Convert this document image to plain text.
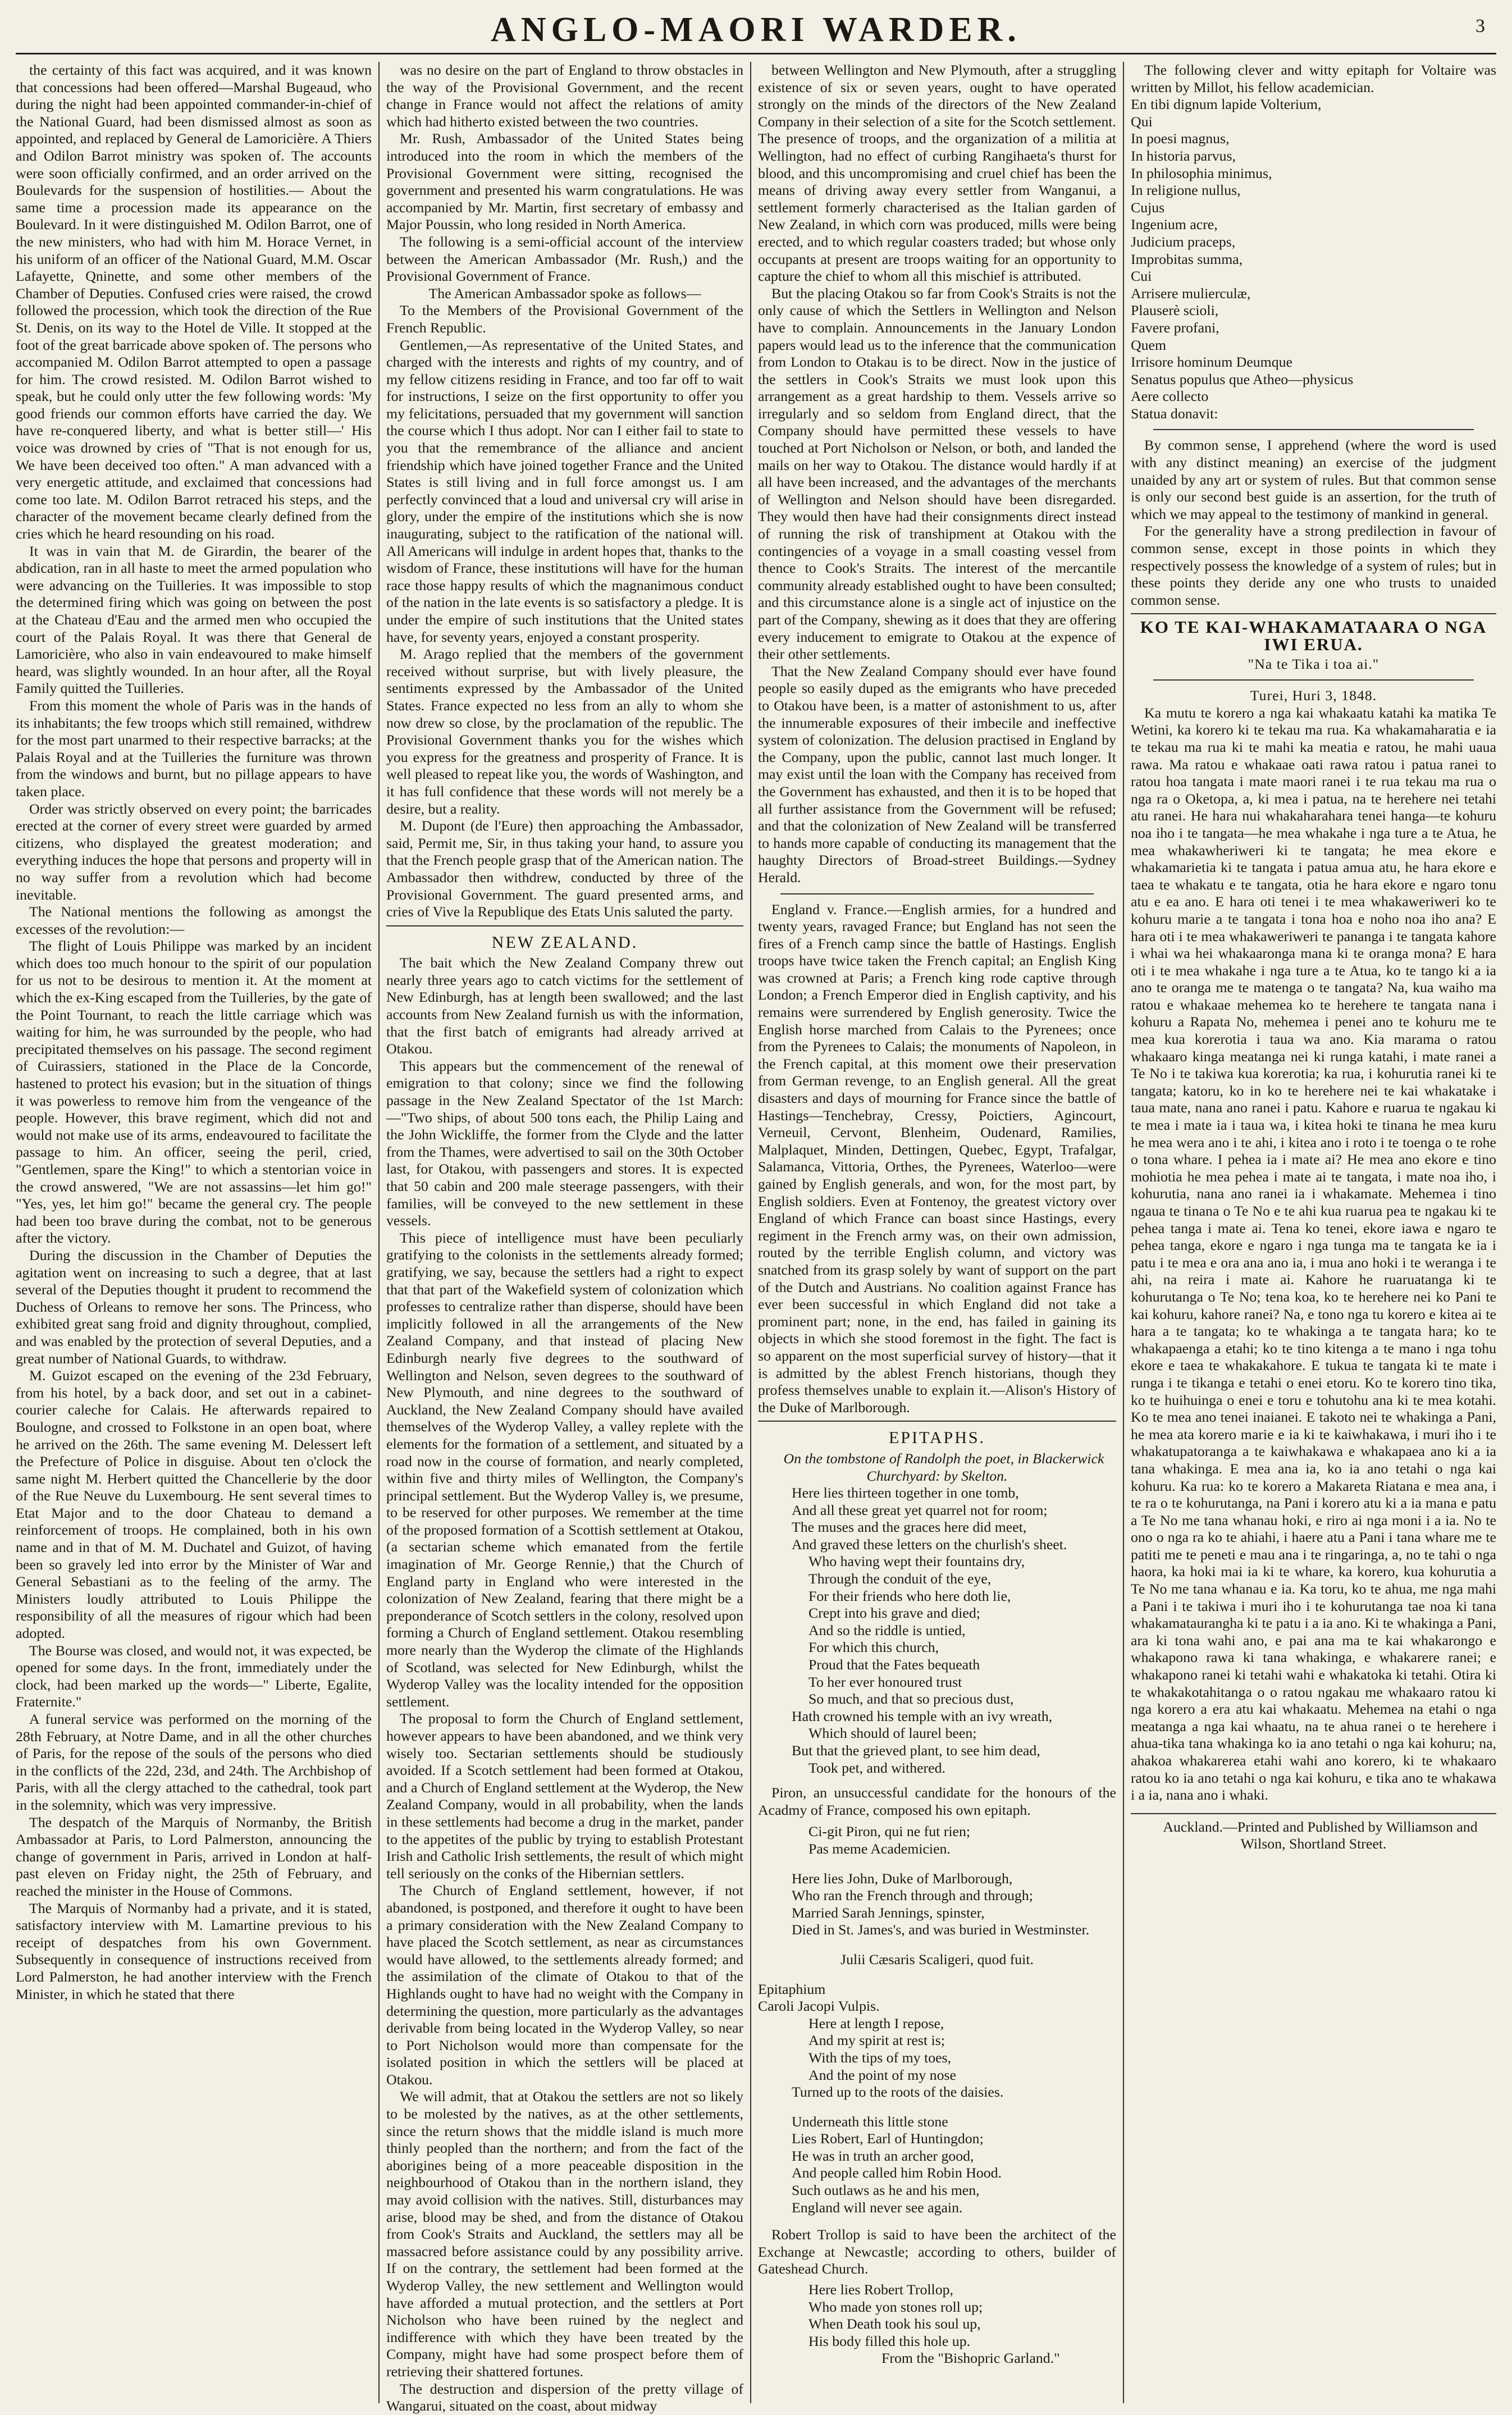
ANGLO-MAORI WARDER.	3

the certainty of this fact was acquired, and it was known that concessions had been offered—Marshal Bugeaud, who during the night had been appointed commander-in-chief of the National Guard, had been dismissed almost as soon as appointed, and replaced by General de Lamoricière. A Thiers and Odilon Barrot ministry was spoken of. The accounts were soon officially confirmed, and an order arrived on the Boulevards for the suspension of hostilities.— About the same time a procession made its appearance on the Boulevard. In it were distinguished M. Odilon Barrot, one of the new ministers, who had with him M. Horace Vernet, in his uniform of an officer of the National Guard, M.M. Oscar Lafayette, Qninette, and some other members of the Chamber of Deputies. Confused cries were raised, the crowd followed the procession, which took the direction of the Rue St. Denis, on its way to the Hotel de Ville. It stopped at the foot of the great barricade above spoken of. The persons who accompanied M. Odilon Barrot attempted to open a passage for him. The crowd resisted. M. Odilon Barrot wished to speak, but he could only utter the few following words: 'My good friends our common efforts have carried the day. We have re-conquered liberty, and what is better still—' His voice was drowned by cries of "That is not enough for us, We have been deceived too often." A man advanced with a very energetic attitude, and exclaimed that concessions had come too late. M. Odilon Barrot retraced his steps, and the character of the movement became clearly defined from the cries which he heard resounding on his road.

It was in vain that M. de Girardin, the bearer of the abdication, ran in all haste to meet the armed population who were advancing on the Tuilleries. It was impossible to stop the determined firing which was going on between the post at the Chateau d'Eau and the armed men who occupied the court of the Palais Royal. It was there that General de Lamoricière, who also in vain endeavoured to make himself heard, was slightly wounded. In an hour after, all the Royal Family quitted the Tuilleries.

From this moment the whole of Paris was in the hands of its inhabitants; the few troops which still remained, withdrew for the most part unarmed to their respective barracks; at the Palais Royal and at the Tuilleries the furniture was thrown from the windows and burnt, but no pillage appears to have taken place.

Order was strictly observed on every point; the barricades erected at the corner of every street were guarded by armed citizens, who displayed the greatest moderation; and everything induces the hope that persons and property will in no way suffer from a revolution which had become inevitable.

The National mentions the following as amongst the excesses of the revolution:—

The flight of Louis Philippe was marked by an incident which does too much honour to the spirit of our population for us not to be desirous to mention it. At the moment at which the ex-King escaped from the Tuilleries, by the gate of the Point Tournant, to reach the little carriage which was waiting for him, he was surrounded by the people, who had precipitated themselves on his passage. The second regiment of Cuirassiers, stationed in the Place de la Concorde, hastened to protect his evasion; but in the situation of things it was powerless to remove him from the vengeance of the people. However, this brave regiment, which did not and would not make use of its arms, endeavoured to facilitate the passage to him. An officer, seeing the peril, cried, "Gentlemen, spare the King!" to which a stentorian voice in the crowd answered, "We are not assassins—let him go!" "Yes, yes, let him go!" became the general cry. The people had been too brave during the combat, not to be generous after the victory.

During the discussion in the Chamber of Deputies the agitation went on increasing to such a degree, that at last several of the Deputies thought it prudent to recommend the Duchess of Orleans to remove her sons. The Princess, who exhibited great sang froid and dignity throughout, complied, and was enabled by the protection of several Deputies, and a great number of National Guards, to withdraw.

M. Guizot escaped on the evening of the 23d February, from his hotel, by a back door, and set out in a cabinet-courier caleche for Calais. He afterwards repaired to Boulogne, and crossed to Folkstone in an open boat, where he arrived on the 26th. The same evening M. Delessert left the Prefecture of Police in disguise. About ten o'clock the same night M. Herbert quitted the Chancellerie by the door of the Rue Neuve du Luxembourg. He sent several times to Etat Major and to the door Chateau to demand a reinforcement of troops. He complained, both in his own name and in that of M. M. Duchatel and Guizot, of having been so gravely led into error by the Minister of War and General Sebastiani as to the feeling of the army. The Ministers loudly attributed to Louis Philippe the responsibility of all the measures of rigour which had been adopted.

The Bourse was closed, and would not, it was expected, be opened for some days. In the front, immediately under the clock, had been marked up the words—" Liberte, Egalite, Fraternite."

A funeral service was performed on the morning of the 28th February, at Notre Dame, and in all the other churches of Paris, for the repose of the souls of the persons who died in the conflicts of the 22d, 23d, and 24th. The Archbishop of Paris, with all the clergy attached to the cathedral, took part in the solemnity, which was very impressive.

The despatch of the Marquis of Normanby, the British Ambassador at Paris, to Lord Palmerston, announcing the change of government in Paris, arrived in London at half-past eleven on Friday night, the 25th of February, and reached the minister in the House of Commons.

The Marquis of Normanby had a private, and it is stated, satisfactory interview with M. Lamartine previous to his receipt of despatches from his own Government. Subsequently in consequence of instructions received from Lord Palmerston, he had another interview with the French Minister, in which he stated that there

was no desire on the part of England to throw obstacles in the way of the Provisional Government, and the recent change in France would not affect the relations of amity which had hitherto existed between the two countries.

Mr. Rush, Ambassador of the United States being introduced into the room in which the members of the Provisional Government were sitting, recognised the government and presented his warm congratulations. He was accompanied by Mr. Martin, first secretary of embassy and Major Poussin, who long resided in North America.

The following is a semi-official account of the interview between the American Ambassador (Mr. Rush,) and the Provisional Government of France.

The American Ambassador spoke as follows—

To the Members of the Provisional Government of the French Republic.

Gentlemen,—As representative of the United States, and charged with the interests and rights of my country, and of my fellow citizens residing in France, and too far off to wait for instructions, I seize on the first opportunity to offer you my felicitations, persuaded that my government will sanction the course which I thus adopt. Nor can I either fail to state to you that the remembrance of the alliance and ancient friendship which have joined together France and the United States is still living and in full force amongst us. I am perfectly convinced that a loud and universal cry will arise in glory, under the empire of the institutions which she is now inaugurating, subject to the ratification of the national will. All Americans will indulge in ardent hopes that, thanks to the wisdom of France, these institutions will have for the human race those happy results of which the magnanimous conduct of the nation in the late events is so satisfactory a pledge. It is under the empire of such institutions that the United states have, for seventy years, enjoyed a constant prosperity.

M. Arago replied that the members of the government received without surprise, but with lively pleasure, the sentiments expressed by the Ambassador of the United States. France expected no less from an ally to whom she now drew so close, by the proclamation of the republic. The Provisional Government thanks you for the wishes which you express for the greatness and prosperity of France. It is well pleased to repeat like you, the words of Washington, and it has full confidence that these words will not merely be a desire, but a reality.

M. Dupont (de l'Eure) then approaching the Ambassador, said, Permit me, Sir, in thus taking your hand, to assure you that the French people grasp that of the American nation. The Ambassador then withdrew, conducted by three of the Provisional Government. The guard presented arms, and cries of Vive la Republique des Etats Unis saluted the party.

NEW ZEALAND.

The bait which the New Zealand Company threw out nearly three years ago to catch victims for the settlement of New Edinburgh, has at length been swallowed; and the last accounts from New Zealand furnish us with the information, that the first batch of emigrants had already arrived at Otakou.

This appears but the commencement of the renewal of emigration to that colony; since we find the following passage in the New Zealand Spectator of the 1st March:—"Two ships, of about 500 tons each, the Philip Laing and the John Wickliffe, the former from the Clyde and the latter from the Thames, were advertised to sail on the 30th October last, for Otakou, with passengers and stores. It is expected that 50 cabin and 200 male steerage passengers, with their families, will be conveyed to the new settlement in these vessels.

This piece of intelligence must have been peculiarly gratifying to the colonists in the settlements already formed; gratifying, we say, because the settlers had a right to expect that that part of the Wakefield system of colonization which professes to centralize rather than disperse, should have been implicitly followed in all the arrangements of the New Zealand Company, and that instead of placing New Edinburgh nearly five degrees to the southward of Wellington and Nelson, seven degrees to the southward of New Plymouth, and nine degrees to the southward of Auckland, the New Zealand Company should have availed themselves of the Wyderop Valley, a valley replete with the elements for the formation of a settlement, and situated by a road now in the course of formation, and nearly completed, within five and thirty miles of Wellington, the Company's principal settlement. But the Wyderop Valley is, we presume, to be reserved for other purposes. We remember at the time of the proposed formation of a Scottish settlement at Otakou, (a sectarian scheme which emanated from the fertile imagination of Mr. George Rennie,) that the Church of England party in England who were interested in the colonization of New Zealand, fearing that there might be a preponderance of Scotch settlers in the colony, resolved upon forming a Church of England settlement. Otakou resembling more nearly than the Wyderop the climate of the Highlands of Scotland, was selected for New Edinburgh, whilst the Wyderop Valley was the locality intended for the opposition settlement.

The proposal to form the Church of England settlement, however appears to have been abandoned, and we think very wisely too. Sectarian settlements should be studiously avoided. If a Scotch settlement had been formed at Otakou, and a Church of England settlement at the Wyderop, the New Zealand Company, would in all probability, when the lands in these settlements had become a drug in the market, pander to the appetites of the public by trying to establish Protestant Irish and Catholic Irish settlements, the result of which might tell seriously on the conks of the Hibernian settlers.

The Church of England settlement, however, if not abandoned, is postponed, and therefore it ought to have been a primary consideration with the New Zealand Company to have placed the Scotch settlement, as near as circumstances would have allowed, to the settlements already formed; and the assimilation of the climate of Otakou to that of the Highlands ought to have had no weight with the Company in determining the question, more particularly as the advantages derivable from being located in the Wyderop Valley, so near to Port Nicholson would more than compensate for the isolated position in which the settlers will be placed at Otakou.

We will admit, that at Otakou the settlers are not so likely to be molested by the natives, as at the other settlements, since the return shows that the middle island is much more thinly peopled than the northern; and from the fact of the aborigines being of a more peaceable disposition in the neighbourhood of Otakou than in the northern island, they may avoid collision with the natives. Still, disturbances may arise, blood may be shed, and from the distance of Otakou from Cook's Straits and Auckland, the settlers may all be massacred before assistance could by any possibility arrive. If on the contrary, the settlement had been formed at the Wyderop Valley, the new settlement and Wellington would have afforded a mutual protection, and the settlers at Port Nicholson who have been ruined by the neglect and indifference with which they have been treated by the Company, might have had some prospect before them of retrieving their shattered fortunes.

The destruction and dispersion of the pretty village of Wangarui, situated on the coast, about midway

between Wellington and New Plymouth, after a struggling existence of six or seven years, ought to have operated strongly on the minds of the directors of the New Zealand Company in their selection of a site for the Scotch settlement. The presence of troops, and the organization of a militia at Wellington, had no effect of curbing Rangihaeta's thurst for blood, and this uncompromising and cruel chief has been the means of driving away every settler from Wanganui, a settlement formerly characterised as the Italian garden of New Zealand, in which corn was produced, mills were being erected, and to which regular coasters traded; but whose only occupants at present are troops waiting for an opportunity to capture the chief to whom all this mischief is attributed.

But the placing Otakou so far from Cook's Straits is not the only cause of which the Settlers in Wellington and Nelson have to complain. Announcements in the January London papers would lead us to the inference that the communication from London to Otakau is to be direct. Now in the justice of the settlers in Cook's Straits we must look upon this arrangement as a great hardship to them. Vessels arrive so irregularly and so seldom from England direct, that the Company should have permitted these vessels to have touched at Port Nicholson or Nelson, or both, and landed the mails on her way to Otakou. The distance would hardly if at all have been increased, and the advantages of the merchants of Wellington and Nelson should have been disregarded. They would then have had their consignments direct instead of running the risk of transhipment at Otakou with the contingencies of a voyage in a small coasting vessel from thence to Cook's Straits. The interest of the mercantile community already established ought to have been consulted; and this circumstance alone is a single act of injustice on the part of the Company, shewing as it does that they are offering every inducement to emigrate to Otakou at the expence of their other settlements.

That the New Zealand Company should ever have found people so easily duped as the emigrants who have preceded to Otakou have been, is a matter of astonishment to us, after the innumerable exposures of their imbecile and ineffective system of colonization. The delusion practised in England by the Company, upon the public, cannot last much longer. It may exist until the loan with the Company has received from the Government has exhausted, and then it is to be hoped that all further assistance from the Government will be refused; and that the colonization of New Zealand will be transferred to hands more capable of conducting its management that the haughty Directors of Broad-street Buildings.—Sydney Herald.

England v. France.—English armies, for a hundred and twenty years, ravaged France; but England has not seen the fires of a French camp since the battle of Hastings. English troops have twice taken the French capital; an English King was crowned at Paris; a French king rode captive through London; a French Emperor died in English captivity, and his remains were surrendered by English generosity. Twice the English horse marched from Calais to the Pyrenees; once from the Pyrenees to Calais; the monuments of Napoleon, in the French capital, at this moment owe their preservation from German revenge, to an English general. All the great disasters and days of mourning for France since the battle of Hastings—Tenchebray, Cressy, Poictiers, Agincourt, Verneuil, Cervont, Blenheim, Oudenard, Ramilies, Malplaquet, Minden, Dettingen, Quebec, Egypt, Trafalgar, Salamanca, Vittoria, Orthes, the Pyrenees, Waterloo—were gained by English generals, and won, for the most part, by English soldiers. Even at Fontenoy, the greatest victory over England of which France can boast since Hastings, every regiment in the French army was, on their own admission, routed by the terrible English column, and victory was snatched from its grasp solely by want of support on the part of the Dutch and Austrians. No coalition against France has ever been successful in which England did not take a prominent part; none, in the end, has failed in gaining its objects in which she stood foremost in the fight. The fact is so apparent on the most superficial survey of history—that it is admitted by the ablest French historians, though they profess themselves unable to explain it.—Alison's History of the Duke of Marlborough.

EPITAPHS.

On the tombstone of Randolph the poet, in Blackerwick Churchyard: by Skelton.

Here lies thirteen together in one tomb,

And all these great yet quarrel not for room;

The muses and the graces here did meet,

And graved these letters on the churlish's sheet.

Who having wept their fountains dry,

Through the conduit of the eye,

For their friends who here doth lie,

Crept into his grave and died;

And so the riddle is untied,

For which this church,

Proud that the Fates bequeath

To her ever honoured trust

So much, and that so precious dust,

Hath crowned his temple with an ivy wreath,

Which should of laurel been;

But that the grieved plant, to see him dead,

Took pet, and withered.

Piron, an unsuccessful candidate for the honours of the Acadmy of France, composed his own epitaph.

Ci-git Piron, qui ne fut rien;

Pas meme Academicien.

Here lies John, Duke of Marlborough,

Who ran the French through and through;

Married Sarah Jennings, spinster,

Died in St. James's, and was buried in Westminster.

Julii Cæsaris Scaligeri, quod fuit.

Epitaphium

Caroli Jacopi Vulpis.

Here at length I repose,

And my spirit at rest is;

With the tips of my toes,

And the point of my nose

Turned up to the roots of the daisies.

Underneath this little stone

Lies Robert, Earl of Huntingdon;

He was in truth an archer good,

And people called him Robin Hood.

Such outlaws as he and his men,

England will never see again.

Robert Trollop is said to have been the architect of the Exchange at Newcastle; according to others, builder of Gateshead Church.

Here lies Robert Trollop,

Who made yon stones roll up;

When Death took his soul up,

His body filled this hole up.

From the "Bishopric Garland."

The following clever and witty epitaph for Voltaire was written by Millot, his fellow academician.

En tibi dignum lapide Volterium,

Qui

In poesi magnus,

In historia parvus,

In philosophia minimus,

In religione nullus,

Cujus

Ingenium acre,

Judicium praceps,

Improbitas summa,

Cui

Arrisere mulierculæ,

Plauserè scioli,

Favere profani,

Quem

Irrisore hominum Deumque

Senatus populus que Atheo—physicus

Aere collecto

Statua donavit:

By common sense, I apprehend (where the word is used with any distinct meaning) an exercise of the judgment unaided by any art or system of rules. But that common sense is only our second best guide is an assertion, for the truth of which we may appeal to the testimony of mankind in general.

For the generality have a strong predilection in favour of common sense, except in those points in which they respectively possess the knowledge of a system of rules; but in these points they deride any one who trusts to unaided common sense.

KO TE KAI-WHAKAMATAARA O NGA IWI ERUA.

"Na te Tika i toa ai."

Turei, Huri 3, 1848.

Ka mutu te korero a nga kai whakaatu katahi ka matika Te Wetini, ka korero ki te tekau ma rua. Ka whakamaharatia e ia te tekau ma rua ki te mahi ka meatia e ratou, he mahi uaua rawa. Ma ratou e whakaae oati rawa ratou i patua ranei to ratou hoa tangata i mate maori ranei i te rua tekau ma rua o nga ra o Oketopa, a, ki mea i patua, na te herehere nei tetahi atu ranei. He hara nui whakaharahara tenei hanga—te kohuru noa iho i te tangata—he mea whakahe i nga ture a te Atua, he mea whakawheriweri ki te tangata; he mea ekore e whakamarietia ki te tangata i patua amua atu, he hara ekore e taea te whakatu e te tangata, otia he hara ekore e ngaro tonu atu e ea ano. E hara oti tenei i te mea whakaweriweri ko te kohuru marie a te tangata i tona hoa e noho noa iho ana? E hara oti i te mea whakaweriweri te pananga i te tangata kahore i whai wa hei whakaaronga mana ki te oranga mona? E hara oti i te mea whakahe i nga ture a te Atua, ko te tango ki a ia ano te oranga me te matenga o te tangata? Na, kua waiho ma ratou e whakaae mehemea ko te herehere te tangata nana i kohuru a Rapata No, mehemea i penei ano te kohuru me te mea kua korerotia i taua wa ano. Kia marama o ratou whakaaro kinga meatanga nei ki runga katahi, i mate ranei a Te No i te takiwa kua korerotia; ka rua, i kohurutia ranei ki te tangata; katoru, ko in ko te herehere nei te kai whakatake i taua mate, nana ano ranei i patu. Kahore e ruarua te ngakau ki te mea i mate ia i taua wa, i kitea hoki te tinana he mea kuru he mea wera ano i te ahi, i kitea ano i roto i te toenga o te rohe o tona whare. I pehea ia i mate ai? He mea ano ekore e tino mohiotia he mea pehea i mate ai te tangata, i mate noa iho, i kohurutia, nana ano ranei ia i whakamate. Mehemea i tino ngaua te tinana o Te No e te ahi kua ruarua pea te ngakau ki te pehea tanga i mate ai. Tena ko tenei, ekore iawa e ngaro te pehea tanga, ekore e ngaro i nga tunga ma te tangata ke ia i patu i te mea e ora ana ano ia, i mua ano hoki i te weranga i te ahi, na reira i mate ai. Kahore he ruaruatanga ki te kohurutanga o Te No; tena koa, ko te herehere nei ko Pani te kai kohuru, kahore ranei? Na, e tono nga tu korero e kitea ai te hara a te tangata; ko te whakinga a te tangata hara; ko te whakapaenga a etahi; ko te tino kitenga a te mano i nga tohu ekore e taea te whakakahore. E tukua te tangata ki te mate i runga i te tikanga e tetahi o enei etoru. Ko te korero tino tika, ko te huihuinga o enei e toru e tohutohu ana ki te mea kotahi. Ko te mea ano tenei inaianei. E takoto nei te whakinga a Pani, he mea ata korero marie e ia ki te kaiwhakawa, i muri iho i te whakatupatoranga a te kaiwhakawa e whakapaea ano ki a ia tana whakinga. E mea ana ia, ko ia ano tetahi o nga kai kohuru. Ka rua: ko te korero a Makareta Riatana e mea ana, i te ra o te kohurutanga, na Pani i korero atu ki a ia mana e patu a Te No me tana whanau hoki, e riro ai nga moni i a ia. No te ono o nga ra ko te ahiahi, i haere atu a Pani i tana whare me te patiti me te peneti e mau ana i te ringaringa, a, no te tahi o nga haora, ka hoki mai ia ki te whare, ka korero, kua kohurutia a Te No me tana whanau e ia. Ka toru, ko te ahua, me nga mahi a Pani i te takiwa i muri iho i te kohurutanga tae noa ki tana whakamataurangha ki te patu i a ia ano. Ki te whakinga a Pani, ara ki tona wahi ano, e pai ana ma te kai whakarongo e whakapono rawa ki tana whakinga, e whakarere ranei; e whakapono ranei ki tetahi wahi e whakatoka ki tetahi. Otira ki te whakakotahitanga o o ratou ngakau me whakaaro ratou ki nga korero a era atu kai whakaatu. Mehemea na etahi o nga meatanga a nga kai whaatu, na te ahua ranei o te herehere i ahua-tika tana whakinga ko ia ano tetahi o nga kai kohuru; na, ahakoa whakarerea etahi wahi ano korero, ki te whakaaro ratou ko ia ano tetahi o nga kai kohuru, e tika ano te whakawa i a ia, nana ano i whaki.

Auckland.—Printed and Published by Williamson and Wilson, Shortland Street.
